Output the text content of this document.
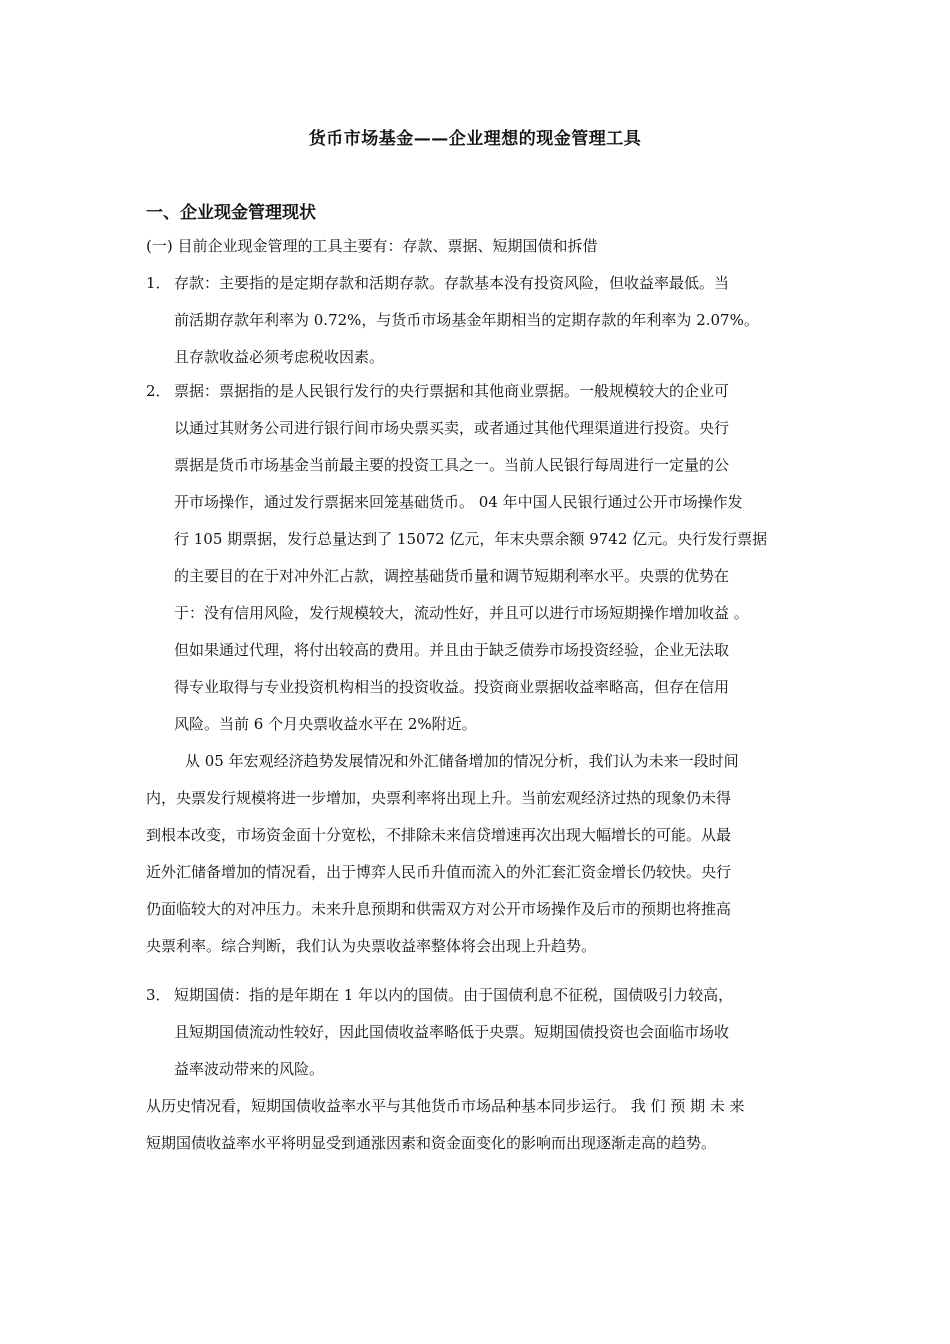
货币市场基金——企业理想的现金管理工具
一、企业现金管理现状
(一) 目前企业现金管理的工具主要有：存款、票据、短期国债和拆借
1． 存款：主要指的是定期存款和活期存款。存款基本没有投资风险，但收益率最低。当
前活期存款年利率为 0.72%，与货币市场基金年期相当的定期存款的年利率为 2.07%。
且存款收益必须考虑税收因素。
2． 票据：票据指的是人民银行发行的央行票据和其他商业票据。一般规模较大的企业可
以通过其财务公司进行银行间市场央票买卖，或者通过其他代理渠道进行投资。央行
票据是货币市场基金当前最主要的投资工具之一。当前人民银行每周进行一定量的公
开市场操作，通过发行票据来回笼基础货币。 04 年中国人民银行通过公开市场操作发
行 105 期票据，发行总量达到了 15072 亿元，年末央票余额 9742 亿元。央行发行票据
的主要目的在于对冲外汇占款，调控基础货币量和调节短期利率水平。央票的优势在
于：没有信用风险，发行规模较大，流动性好，并且可以进行市场短期操作增加收益 。
但如果通过代理，将付出较高的费用。并且由于缺乏债券市场投资经验，企业无法取
得专业取得与专业投资机构相当的投资收益。投资商业票据收益率略高，但存在信用
风险。当前 6 个月央票收益水平在 2%附近。
从 05 年宏观经济趋势发展情况和外汇储备增加的情况分析，我们认为未来一段时间
内，央票发行规模将进一步增加，央票利率将出现上升。当前宏观经济过热的现象仍未得
到根本改变，市场资金面十分宽松，不排除未来信贷增速再次出现大幅增长的可能。从最
近外汇储备增加的情况看，出于博弈人民币升值而流入的外汇套汇资金增长仍较快。央行
仍面临较大的对冲压力。未来升息预期和供需双方对公开市场操作及后市的预期也将推高
央票利率。综合判断，我们认为央票收益率整体将会出现上升趋势。
3． 短期国债：指的是年期在 1 年以内的国债。由于国债利息不征税，国债吸引力较高，
且短期国债流动性较好，因此国债收益率略低于央票。短期国债投资也会面临市场收
益率波动带来的风险。
从历史情况看，短期国债收益率水平与其他货币市场品种基本同步运行。 我 们 预 期 未 来
短期国债收益率水平将明显受到通涨因素和资金面变化的影响而出现逐渐走高的趋势。
